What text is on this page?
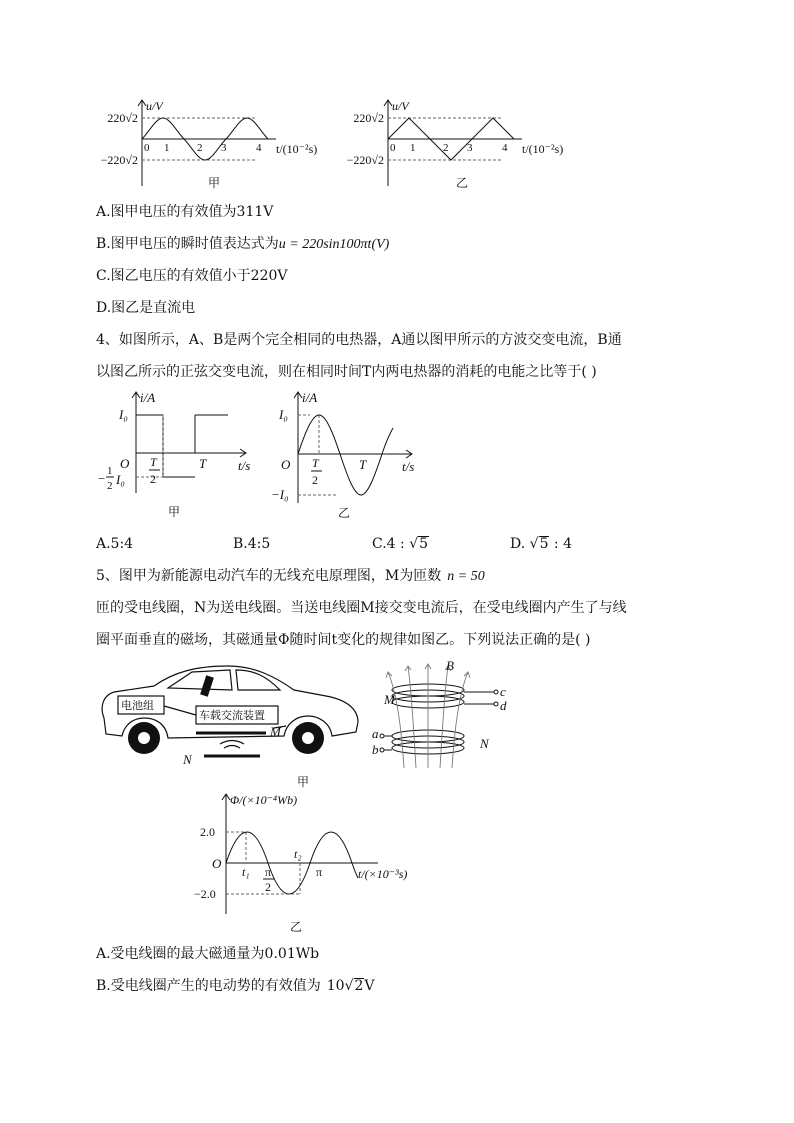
u/V
220√2
−220√2
0 1	2 3	4 t/(10⁻²s)
甲
u/V
220√2
−220√2
0 1	2 3	4 t/(10⁻²s)
乙
A.图甲电压的有效值为311V
B.图甲电压的瞬时值表达式为u = 220sin100πt(V)
C.图乙电压的有效值小于220V
D.图乙是直流电
4、如图所示，A、B是两个完全相同的电热器，A通以图甲所示的方波交变电流，B通
以图乙所示的正弦交变电流，则在相同时间T内两电热器的消耗的电能之比等于( )
i/A
I₀
O T
2
T t/s
− 1
2 I₀
甲
i/A
I₀
O T
2
T	t/s
−I₀
乙
A.5:4	B.4:5	C.4 : √5	D. √5 : 4
5、图甲为新能源电动汽车的无线充电原理图，M为匝数 n = 50
匝的受电线圈，N为送电线圈。当送电线圈M接交变电流后，在受电线圈内产生了与线
圈平面垂直的磁场，其磁通量Φ随时间t变化的规律如图乙。下列说法正确的是( )
电池组
车载交流装置
M
N
B
M
N
c
d
a
b
甲
Φ/(×10⁻⁴Wb)
2.0
−2.0
O
t₁
t₂
π
2
π	t/(×10⁻³s)
乙
A.受电线圈的最大磁通量为0.01Wb
B.受电线圈产生的电动势的有效值为 10√2V
